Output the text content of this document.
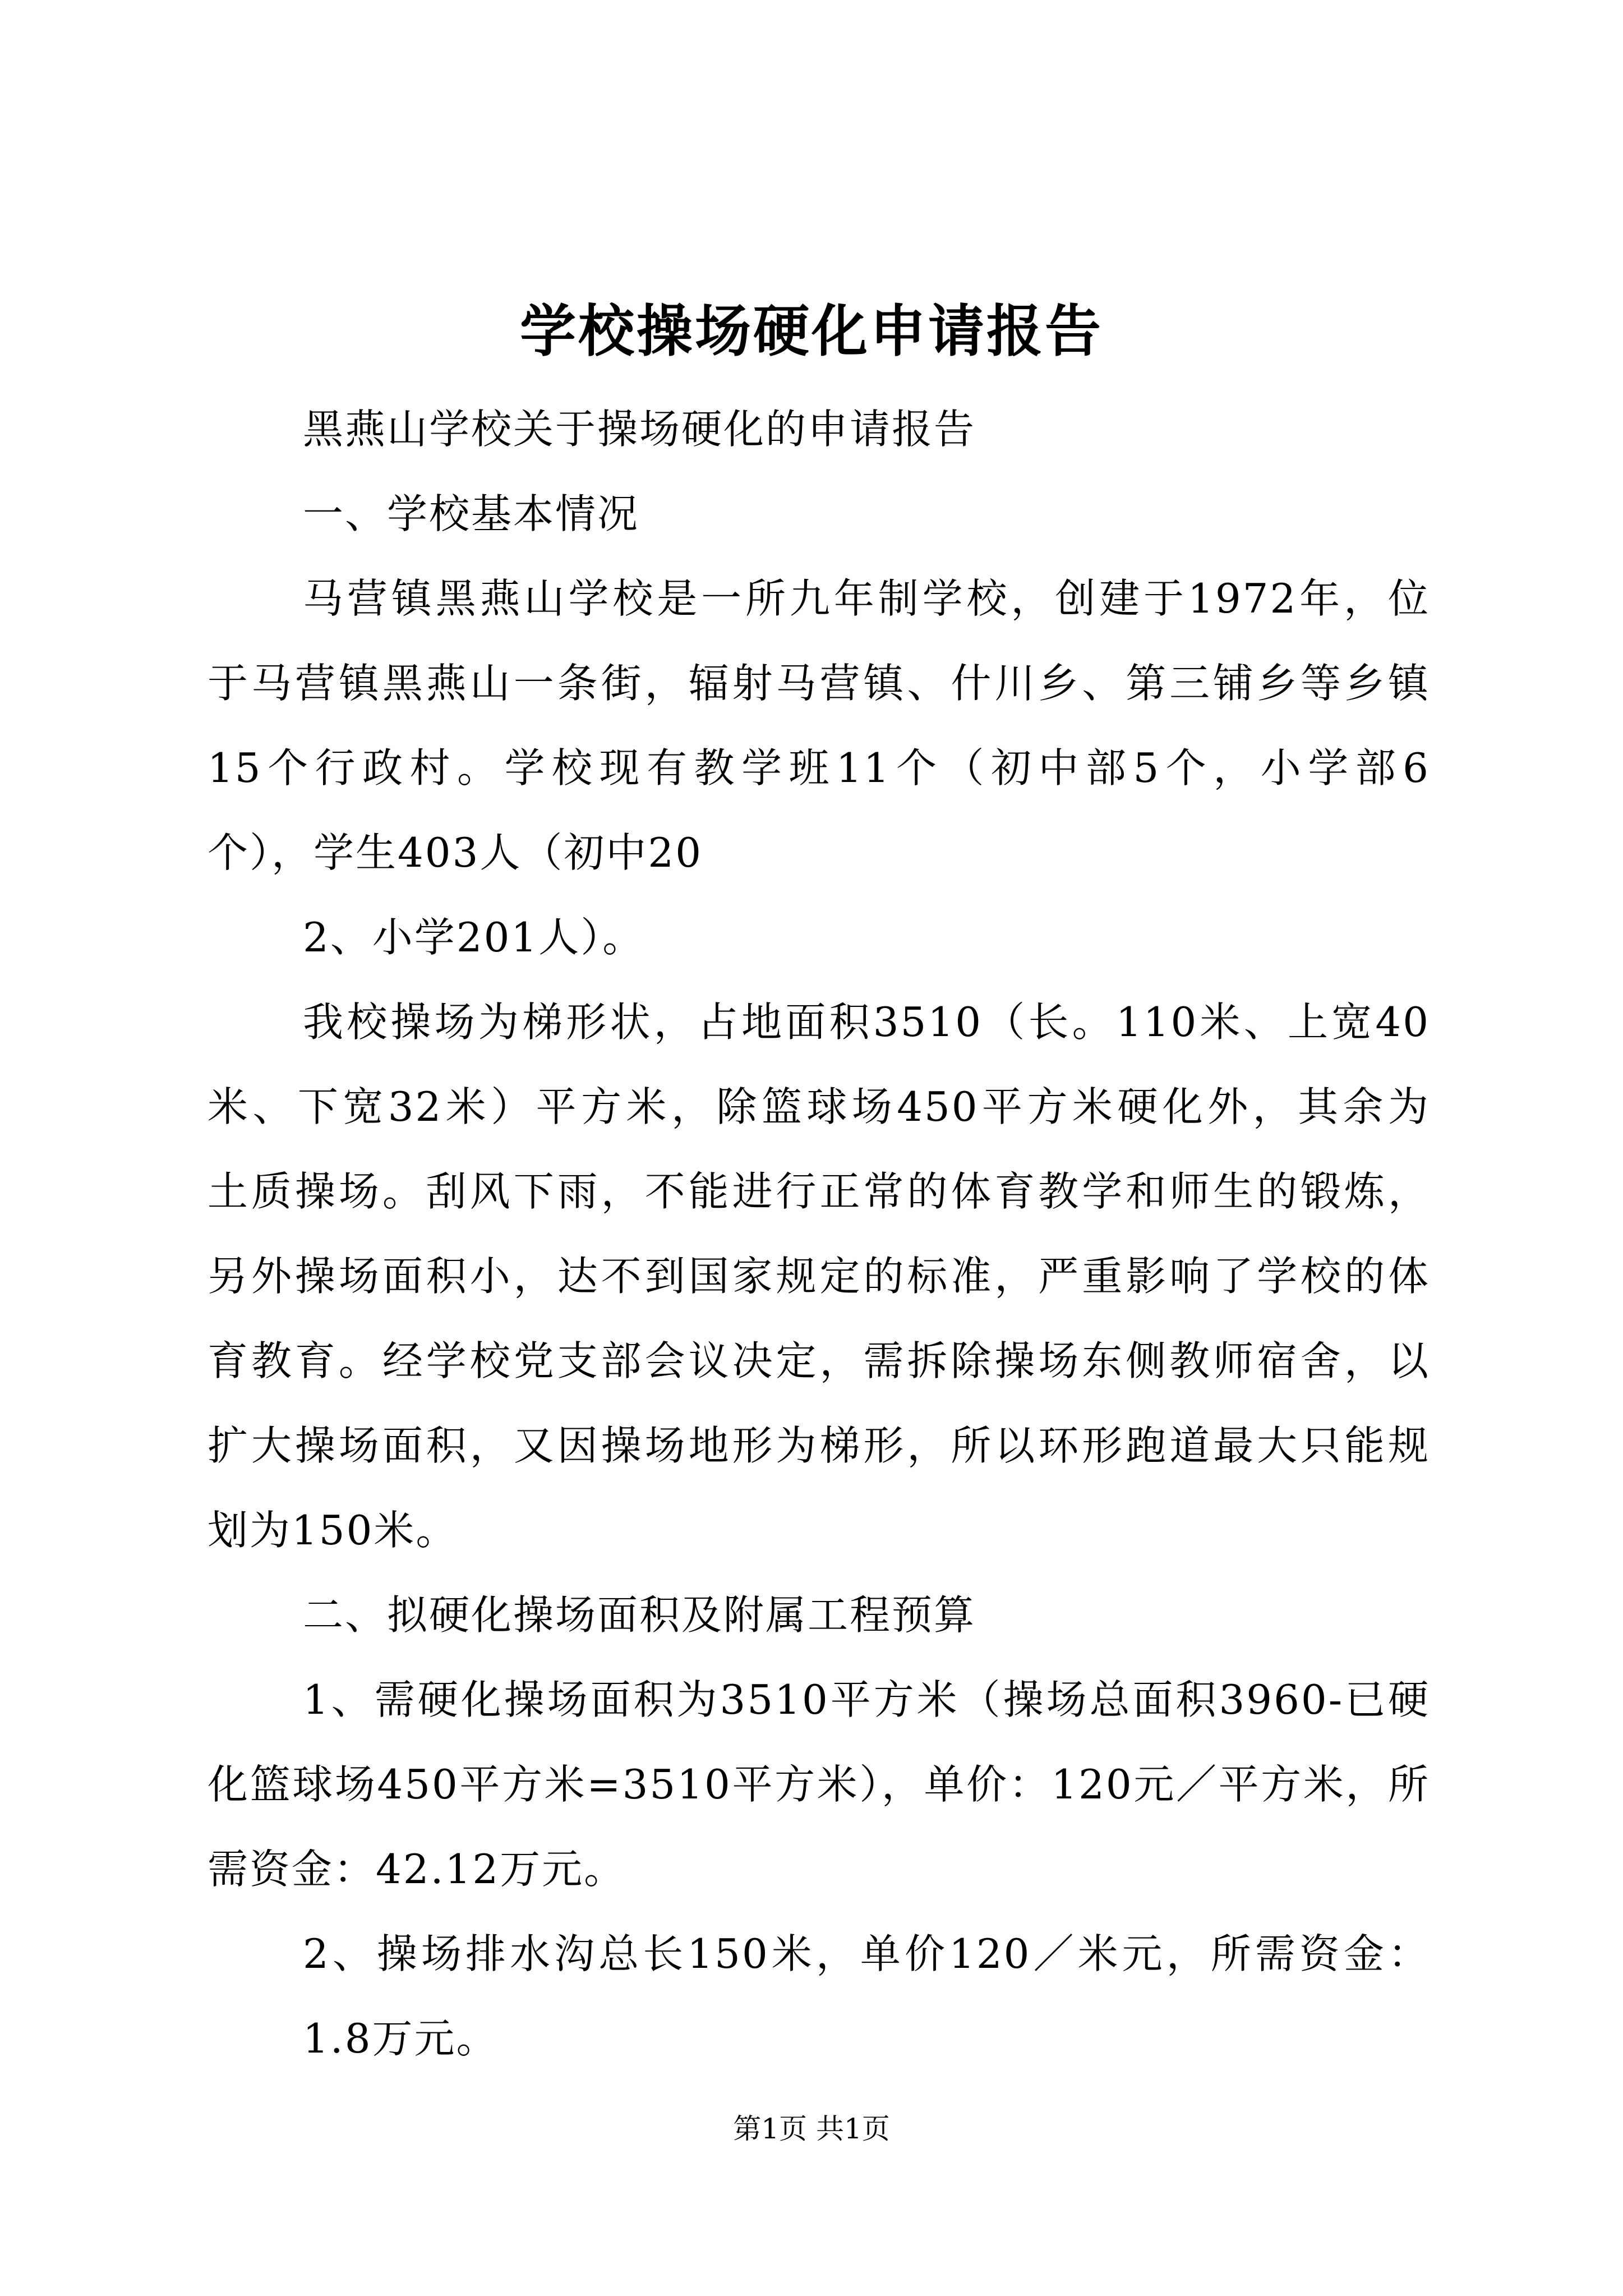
学校操场硬化申请报告
黑燕山学校关于操场硬化的申请报告
一、学校基本情况
马营镇黑燕山学校是一所九年制学校，创建于1972年，位
于马营镇黑燕山一条街，辐射马营镇、什川乡、第三铺乡等乡镇
15个行政村。学校现有教学班11个（初中部5个，小学部6
个），学生403人（初中20
2、小学201人）。
我校操场为梯形状，占地面积3510（长。110米、上宽40
米、下宽32米）平方米，除篮球场450平方米硬化外，其余为
土质操场。刮风下雨，不能进行正常的体育教学和师生的锻炼，
另外操场面积小，达不到国家规定的标准，严重影响了学校的体
育教育。经学校党支部会议决定，需拆除操场东侧教师宿舍，以
扩大操场面积，又因操场地形为梯形，所以环形跑道最大只能规
划为150米。
二、拟硬化操场面积及附属工程预算
1、需硬化操场面积为3510平方米（操场总面积3960-已硬
化篮球场450平方米=3510平方米），单价：120元／平方米，所
需资金：42.12万元。
2、操场排水沟总长150米，单价120／米元，所需资金：
1.8万元。
第1页 共1页
